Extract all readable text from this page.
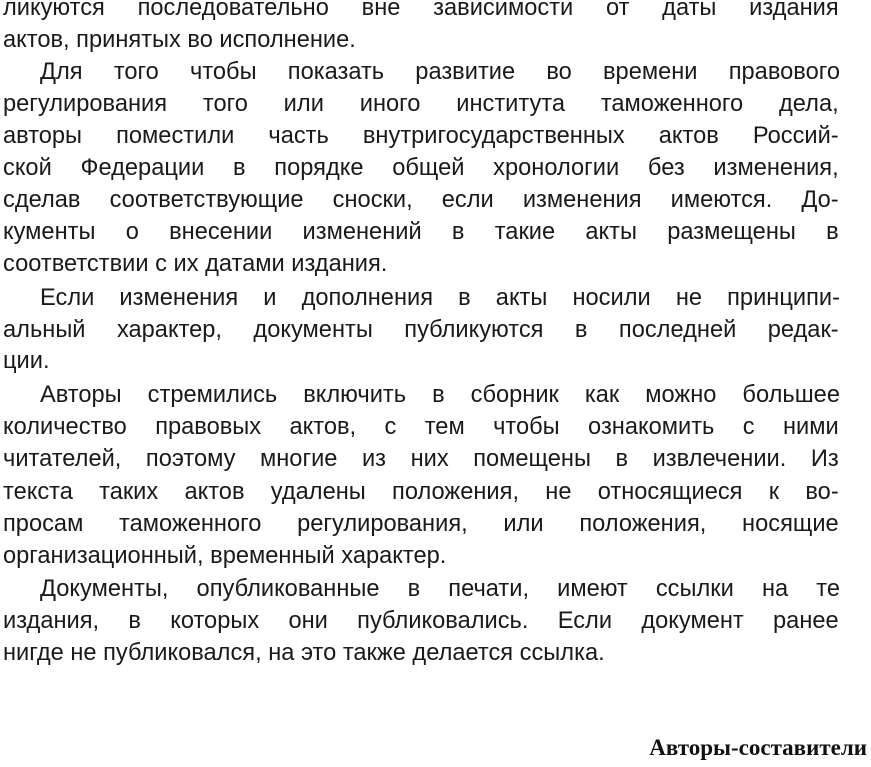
ликуются последовательно вне зависимости от даты издания
актов, принятых во исполнение.
Для того чтобы показать развитие во времени правового
регулирования того или иного института таможенного дела,
авторы поместили часть внутригосударственных актов Россий-
ской Федерации в порядке общей хронологии без изменения,
сделав соответствующие сноски, если изменения имеются. До-
кументы о внесении изменений в такие акты размещены в
соответствии с их датами издания.
Если изменения и дополнения в акты носили не принципи-
альный характер, документы публикуются в последней редак-
ции.
Авторы стремились включить в сборник как можно большее
количество правовых актов, с тем чтобы ознакомить с ними
читателей, поэтому многие из них помещены в извлечении. Из
текста таких актов удалены положения, не относящиеся к во-
просам таможенного регулирования, или положения, носящие
организационный, временный характер.
Документы, опубликованные в печати, имеют ссылки на те
издания, в которых они публиковались. Если документ ранее
нигде не публиковался, на это также делается ссылка.
Авторы-составители
